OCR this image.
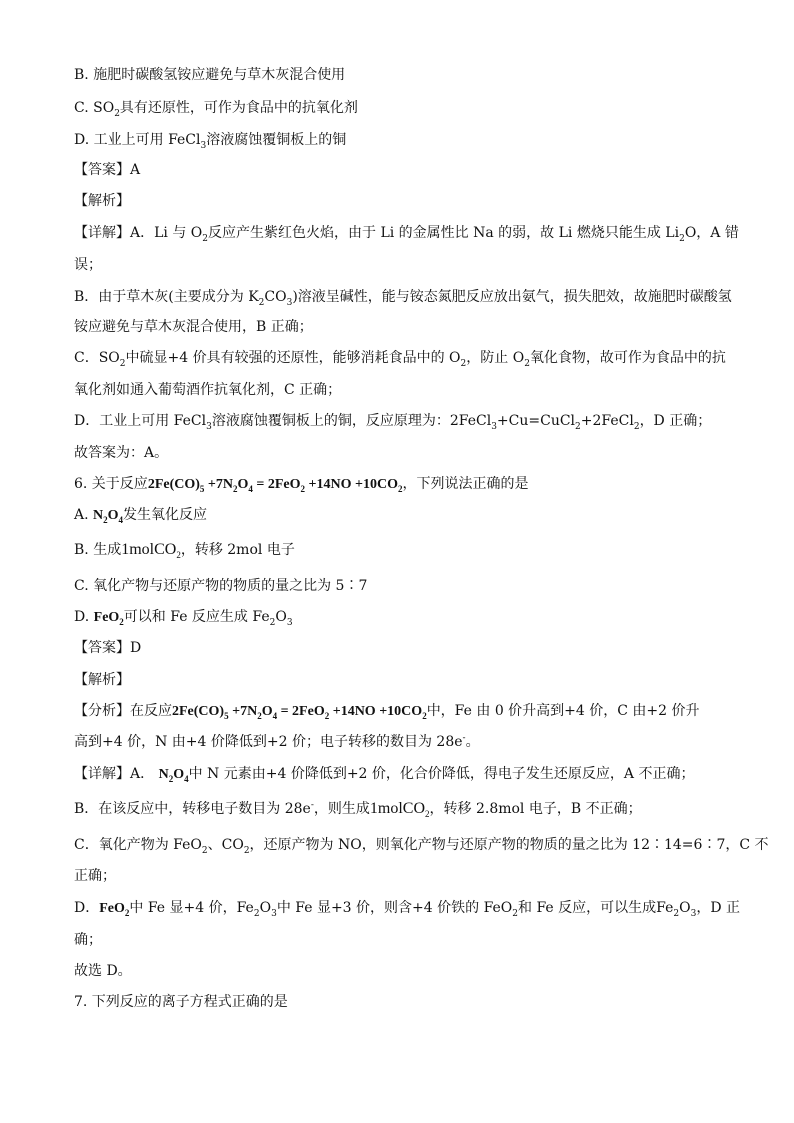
B. 施肥时碳酸氢铵应避免与草木灰混合使用
C. $SO_2$具有还原性，可作为食品中的抗氧化剂
D. 工业上可用 FeCl$_3$溶液腐蚀覆铜板上的铜
【答案】A
【解析】
【详解】A．Li 与 $O_2$反应产生紫红色火焰，由于 Li 的金属性比 Na 的弱，故 Li 燃烧只能生成 $Li_2O$，A 错
误；
B．由于草木灰(主要成分为 $K_2CO_3$)溶液呈碱性，能与铵态氮肥反应放出氨气，损失肥效，故施肥时碳酸氢
铵应避免与草木灰混合使用，B 正确；
C．$SO_2$中硫显+4 价具有较强的还原性，能够消耗食品中的 $O_2$，防止 $O_2$氧化食物，故可作为食品中的抗
氧化剂如通入葡萄酒作抗氧化剂，C 正确；
D．工业上可用 FeCl$_3$溶液腐蚀覆铜板上的铜，反应原理为：2FeCl$_3$+Cu=CuCl$_2$+2FeCl$_2$，D 正确；
故答案为：A。
6. 关于反应$2Fe(CO)_5 +7N_2O_4 = 2FeO_2 +14NO +10CO_2$，下列说法正确的是
A. $N_2O_4$发生氧化反应
B. 生成1molCO$_2$，转移 2mol 电子
C. 氧化产物与还原产物的物质的量之比为 5∶7
D. FeO$_2$可以和 Fe 反应生成 $Fe_2O_3$
【答案】D
【解析】
【分析】在反应$2Fe(CO)_5 +7N_2O_4 = 2FeO_2 +14NO +10CO_2$中，Fe 由 0 价升高到+4 价，C 由+2 价升
高到+4 价，N 由+4 价降低到+2 价；电子转移的数目为 28e-。
【详解】A． $N_2O_4$中 N 元素由+4 价降低到+2 价，化合价降低，得电子发生还原反应，A 不正确；
B．在该反应中，转移电子数目为 28e-，则生成1molCO$_2$，转移 2.8mol 电子，B 不正确；
C．氧化产物为 FeO$_2$、$CO_2$，还原产物为 NO，则氧化产物与还原产物的物质的量之比为 12∶14=6∶7，C 不
正确；
D．FeO$_2$中 Fe 显+4 价，$Fe_2O_3$中 Fe 显+3 价，则含+4 价铁的 FeO$_2$和 Fe 反应，可以生成$Fe_2O_3$，D 正
确；
故选 D。
7. 下列反应的离子方程式正确的是
